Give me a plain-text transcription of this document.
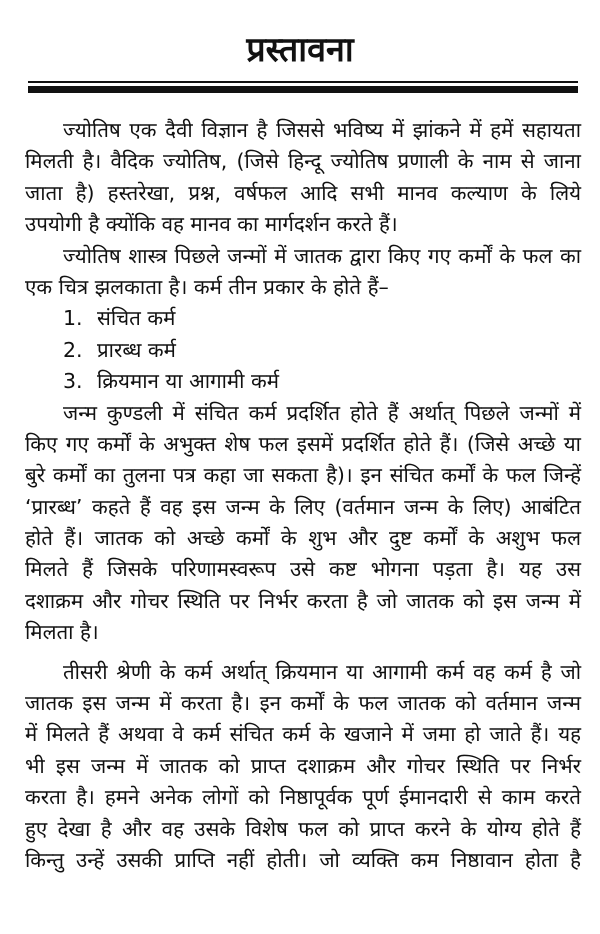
प्रस्तावना
ज्योतिष एक दैवी विज्ञान है जिससे भविष्य में झांकने में हमें सहायता
मिलती है। वैदिक ज्योतिष, (जिसे हिन्दू ज्योतिष प्रणाली के नाम से जाना
जाता है) हस्तरेखा, प्रश्न, वर्षफल आदि सभी मानव कल्याण के लिये
उपयोगी है क्योंकि वह मानव का मार्गदर्शन करते हैं।
ज्योतिष शास्त्र पिछले जन्मों में जातक द्वारा किए गए कर्मों के फल का
एक चित्र झलकाता है। कर्म तीन प्रकार के होते हैं–
1. संचित कर्म
2. प्रारब्ध कर्म
3. क्रियमान या आगामी कर्म
जन्म कुण्डली में संचित कर्म प्रदर्शित होते हैं अर्थात् पिछले जन्मों में
किए गए कर्मों के अभुक्त शेष फल इसमें प्रदर्शित होते हैं। (जिसे अच्छे या
बुरे कर्मों का तुलना पत्र कहा जा सकता है)। इन संचित कर्मों के फल जिन्हें
‘प्रारब्ध’ कहते हैं वह इस जन्म के लिए (वर्तमान जन्म के लिए) आबंटित
होते हैं। जातक को अच्छे कर्मों के शुभ और दुष्ट कर्मों के अशुभ फल
मिलते हैं जिसके परिणामस्वरूप उसे कष्ट भोगना पड़ता है। यह उस
दशाक्रम और गोचर स्थिति पर निर्भर करता है जो जातक को इस जन्म में
मिलता है।
तीसरी श्रेणी के कर्म अर्थात् क्रियमान या आगामी कर्म वह कर्म है जो
जातक इस जन्म में करता है। इन कर्मों के फल जातक को वर्तमान जन्म
में मिलते हैं अथवा वे कर्म संचित कर्म के खजाने में जमा हो जाते हैं। यह
भी इस जन्म में जातक को प्राप्त दशाक्रम और गोचर स्थिति पर निर्भर
करता है। हमने अनेक लोगों को निष्ठापूर्वक पूर्ण ईमानदारी से काम करते
हुए देखा है और वह उसके विशेष फल को प्राप्त करने के योग्य होते हैं
किन्तु उन्हें उसकी प्राप्ति नहीं होती। जो व्यक्ति कम निष्ठावान होता है
